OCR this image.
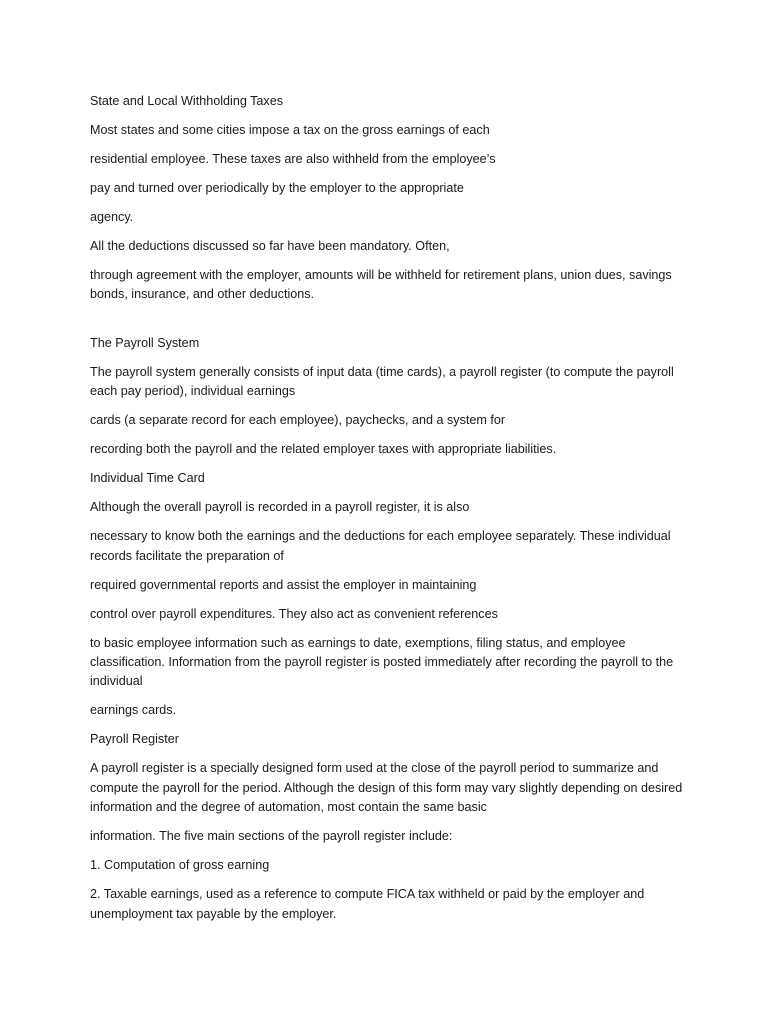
State and Local Withholding Taxes

Most states and some cities impose a tax on the gross earnings of each

residential employee. These taxes are also withheld from the employee’s

pay and turned over periodically by the employer to the appropriate

agency.

All the deductions discussed so far have been mandatory. Often,

through agreement with the employer, amounts will be withheld for retirement plans, union dues, savings bonds, insurance, and other deductions.

The Payroll System

The payroll system generally consists of input data (time cards), a payroll register (to compute the payroll each pay period), individual earnings

cards (a separate record for each employee), paychecks, and a system for

recording both the payroll and the related employer taxes with appropriate liabilities.

Individual Time Card

Although the overall payroll is recorded in a payroll register, it is also

necessary to know both the earnings and the deductions for each employee separately. These individual records facilitate the preparation of

required governmental reports and assist the employer in maintaining

control over payroll expenditures. They also act as convenient references

to basic employee information such as earnings to date, exemptions, filing status, and employee classification. Information from the payroll register is posted immediately after recording the payroll to the individual

earnings cards.

Payroll Register

A payroll register is a specially designed form used at the close of the payroll period to summarize and compute the payroll for the period. Although the design of this form may vary slightly depending on desired information and the degree of automation, most contain the same basic

information. The five main sections of the payroll register include:

1. Computation of gross earning

2. Taxable earnings, used as a reference to compute FICA tax withheld or paid by the employer and unemployment tax payable by the employer.
